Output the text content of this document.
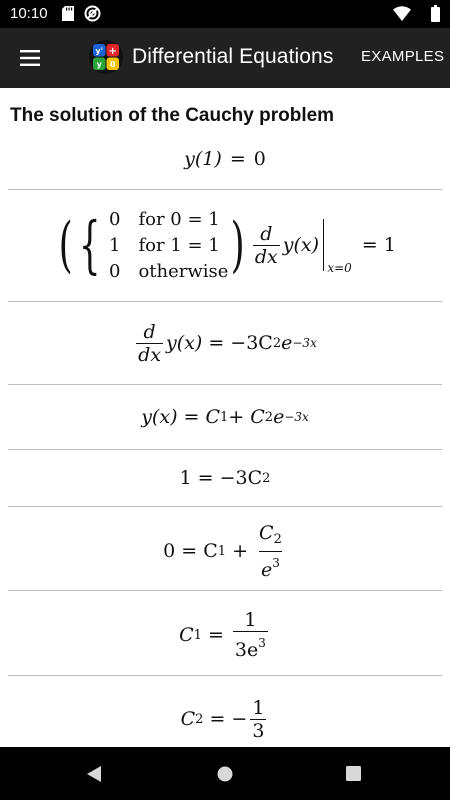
10:10
y' +
y 0 Differential Equations EXAMPLES
The solution of the Cauchy problem
y(1) = 0
( { 0 for 0 = 1
1 for 1 = 1
0 otherwise ) $\frac{d}{dx} y(x)$
x=0
= 1
$\frac{d}{dx} y(x) = -3C$ 2 e −3x
y(x) = C 1 + C 2 e −3x
1 = −3C 2
0 = C $1 + \frac{C_2}{e^3}$
C $1 = \frac{1}{3e^3}$
C 2 = − $\frac{1}{3}$
